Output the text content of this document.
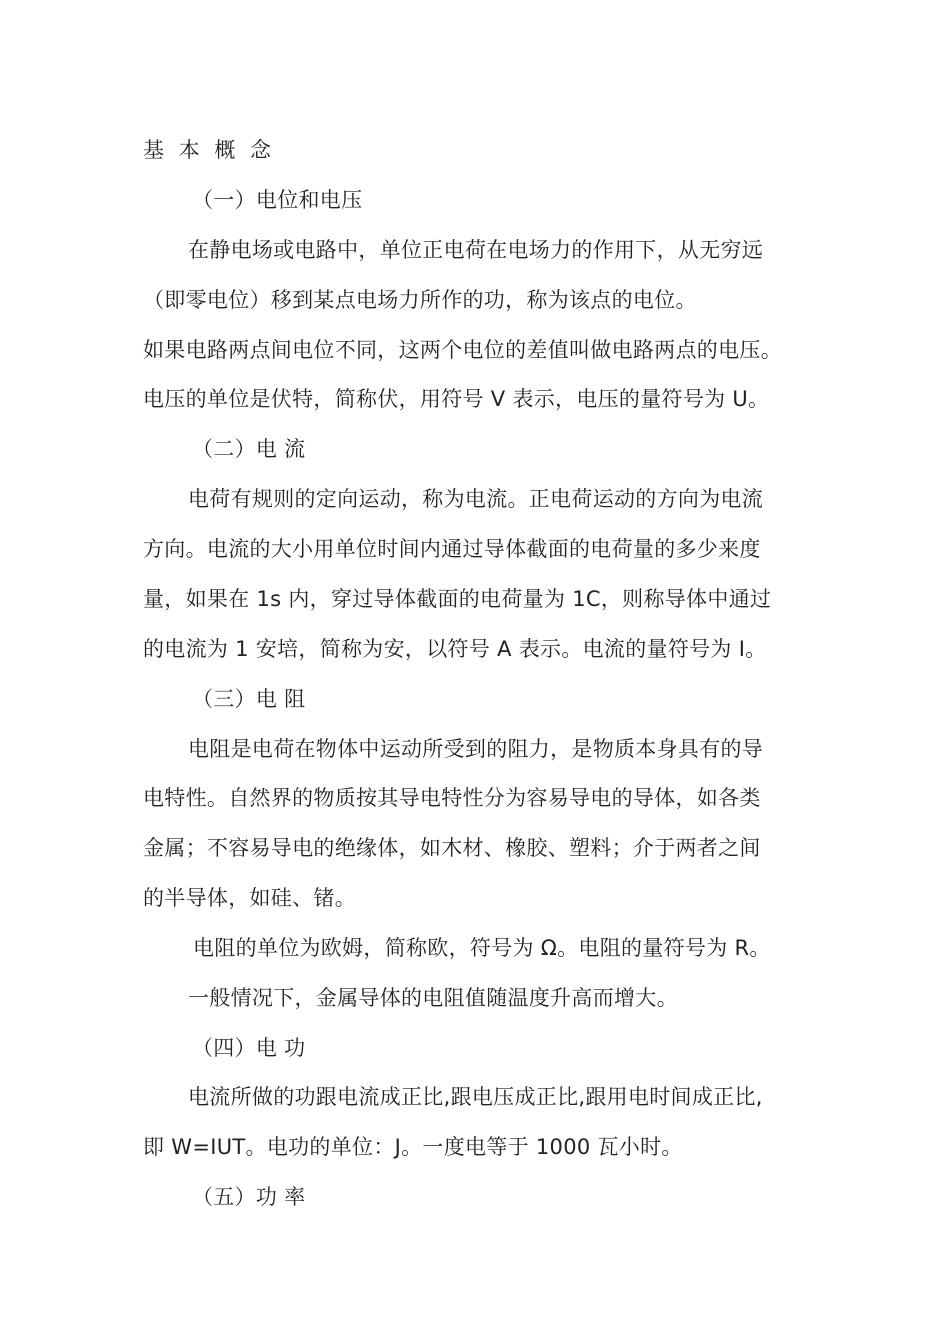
基 本 概 念
（一）电位和电压
在静电场或电路中，单位正电荷在电场力的作用下，从无穷远
（即零电位）移到某点电场力所作的功，称为该点的电位。
如果电路两点间电位不同，这两个电位的差值叫做电路两点的电压。
电压的单位是伏特，简称伏，用符号 V 表示，电压的量符号为 U。
（二）电 流
电荷有规则的定向运动，称为电流。正电荷运动的方向为电流
方向。电流的大小用单位时间内通过导体截面的电荷量的多少来度
量，如果在 1s 内，穿过导体截面的电荷量为 1C，则称导体中通过
的电流为 1 安培，简称为安，以符号 A 表示。电流的量符号为 I。
（三）电 阻
电阻是电荷在物体中运动所受到的阻力，是物质本身具有的导
电特性。自然界的物质按其导电特性分为容易导电的导体，如各类
金属；不容易导电的绝缘体，如木材、橡胶、塑料；介于两者之间
的半导体，如硅、锗。
电阻的单位为欧姆，简称欧，符号为 Ω。电阻的量符号为 R。
一般情况下，金属导体的电阻值随温度升高而增大。
（四）电 功
电流所做的功跟电流成正比,跟电压成正比,跟用电时间成正比,
即 W=IUT。电功的单位：J。一度电等于 1000 瓦小时。
（五）功 率
